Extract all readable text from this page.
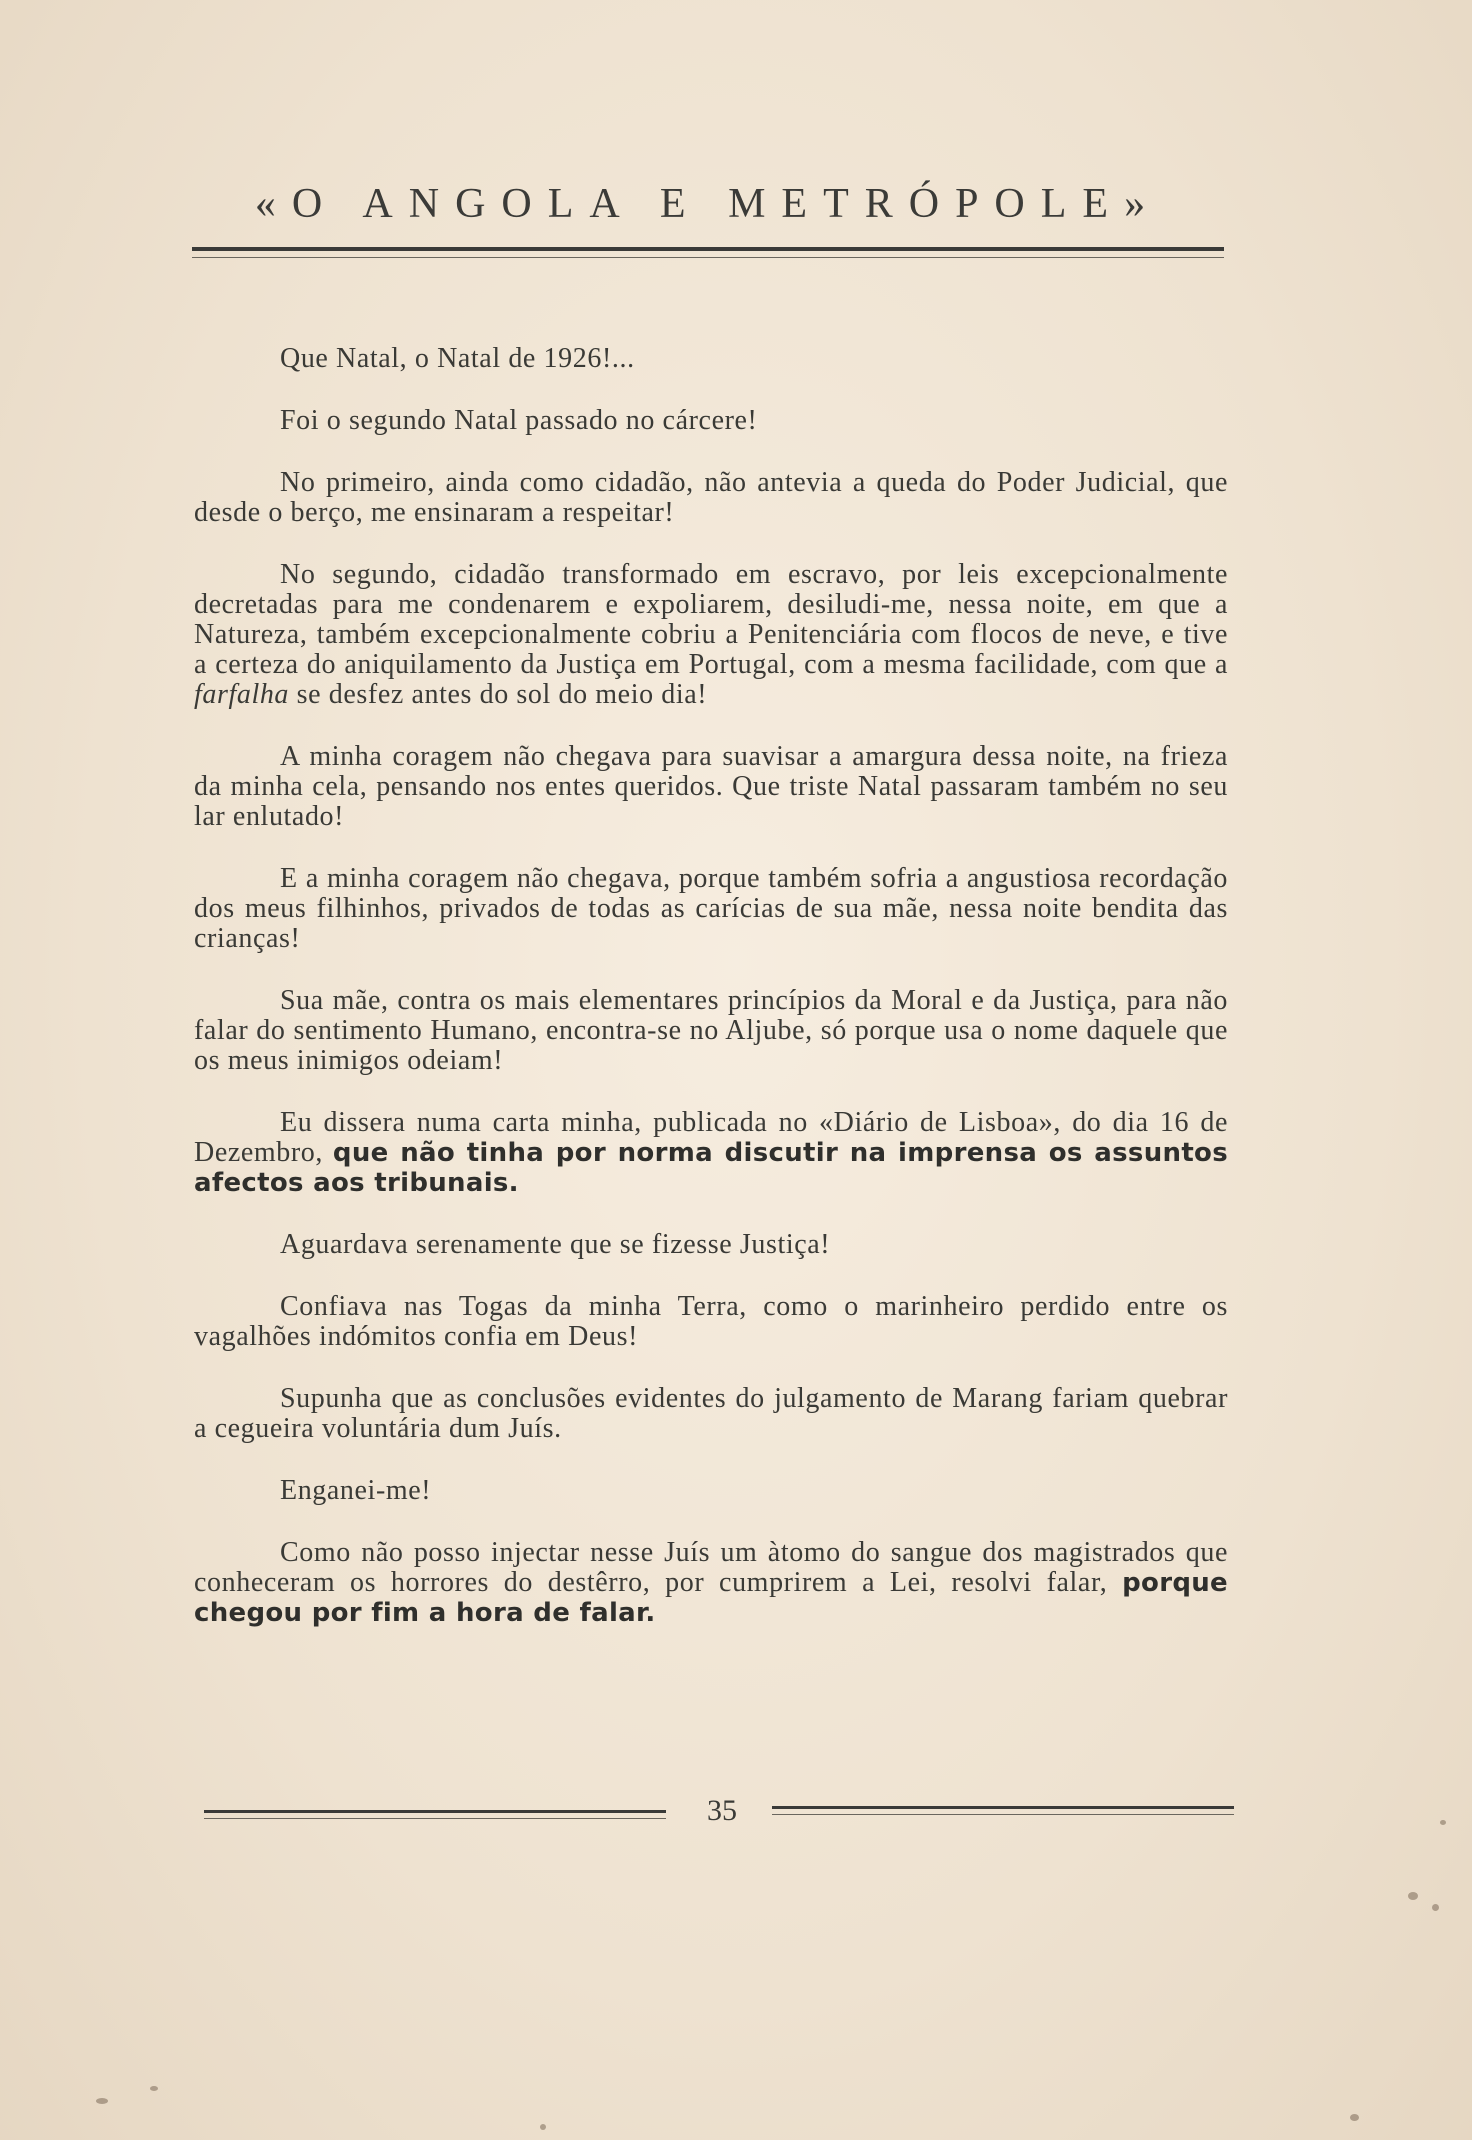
«O ANGOLA E METRÓPOLE»

Que Natal, o Natal de 1926!...

Foi o segundo Natal passado no cárcere!

No primeiro, ainda como cidadão, não antevia a queda do Poder Judicial, que desde o berço, me ensinaram a respeitar!

No segundo, cidadão transformado em escravo, por leis excepcionalmente decretadas para me condenarem e expoliarem, desiludi-me, nessa noite, em que a Natureza, também excepcionalmente cobriu a Penitenciária com flocos de neve, e tive a certeza do aniquilamento da Justiça em Portugal, com a mesma facilidade, com que a farfalha se desfez antes do sol do meio dia!

A minha coragem não chegava para suavisar a amargura dessa noite, na frieza da minha cela, pensando nos entes queridos. Que triste Natal passaram também no seu lar enlutado!

E a minha coragem não chegava, porque também sofria a angustiosa recordação dos meus filhinhos, privados de todas as carícias de sua mãe, nessa noite bendita das crianças!

Sua mãe, contra os mais elementares princípios da Moral e da Justiça, para não falar do sentimento Humano, encontra-se no Aljube, só porque usa o nome daquele que os meus inimigos odeiam!

Eu dissera numa carta minha, publicada no «Diário de Lisboa», do dia 16 de Dezembro, que não tinha por norma discutir na imprensa os assuntos afectos aos tribunais.

Aguardava serenamente que se fizesse Justiça!

Confiava nas Togas da minha Terra, como o marinheiro perdido entre os vagalhões indómitos confia em Deus!

Supunha que as conclusões evidentes do julgamento de Marang fariam quebrar a cegueira voluntária dum Juís.

Enganei-me!

Como não posso injectar nesse Juís um àtomo do sangue dos magistrados que conheceram os horrores do destêrro, por cumprirem a Lei, resolvi falar, porque chegou por fim a hora de falar.

35
